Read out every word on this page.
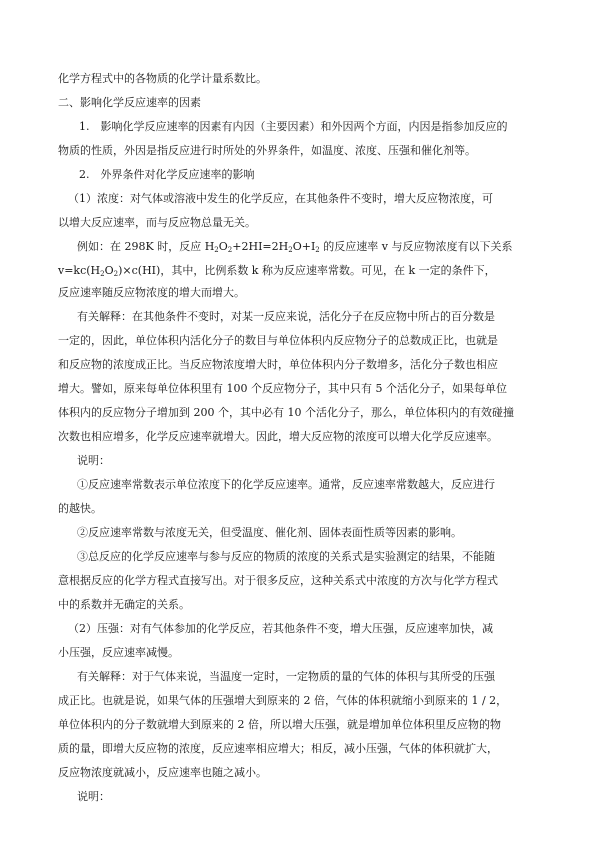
化学方程式中的各物质的化学计量系数比。
二、影响化学反应速率的因素
1.　影响化学反应速率的因素有内因（主要因素）和外因两个方面，内因是指参加反应的
物质的性质，外因是指反应进行时所处的外界条件，如温度、浓度、压强和催化剂等。
2.　外界条件对化学反应速率的影响
（1）浓度：对气体或溶液中发生的化学反应，在其他条件不变时，增大反应物浓度，可
以增大反应速率，而与反应物总量无关。
例如：在 298K 时，反应 $H_2O_2+2HI=2H_2O+I_2$ 的反应速率 v 与反应物浓度有以下关系
$v=kc(H_2O_2)\times c(HI)$，其中，比例系数 k 称为反应速率常数。可见，在 k 一定的条件下，
反应速率随反应物浓度的增大而增大。
有关解释：在其他条件不变时，对某一反应来说，活化分子在反应物中所占的百分数是
一定的，因此，单位体积内活化分子的数目与单位体积内反应物分子的总数成正比，也就是
和反应物的浓度成正比。当反应物浓度增大时，单位体积内分子数增多，活化分子数也相应
增大。譬如，原来每单位体积里有 100 个反应物分子，其中只有 5 个活化分子，如果每单位
体积内的反应物分子增加到 200 个，其中必有 10 个活化分子，那么，单位体积内的有效碰撞
次数也相应增多，化学反应速率就增大。因此，增大反应物的浓度可以增大化学反应速率。
说明：
①反应速率常数表示单位浓度下的化学反应速率。通常，反应速率常数越大，反应进行
的越快。
②反应速率常数与浓度无关，但受温度、催化剂、固体表面性质等因素的影响。
③总反应的化学反应速率与参与反应的物质的浓度的关系式是实验测定的结果，不能随
意根据反应的化学方程式直接写出。对于很多反应，这种关系式中浓度的方次与化学方程式
中的系数并无确定的关系。
（2）压强：对有气体参加的化学反应，若其他条件不变，增大压强，反应速率加快，减
小压强，反应速率减慢。
有关解释：对于气体来说，当温度一定时，一定物质的量的气体的体积与其所受的压强
成正比。也就是说，如果气体的压强增大到原来的 2 倍，气体的体积就缩小到原来的 1 / 2，
单位体积内的分子数就增大到原来的 2 倍，所以增大压强，就是增加单位体积里反应物的物
质的量，即增大反应物的浓度，反应速率相应增大；相反，减小压强，气体的体积就扩大，
反应物浓度就减小，反应速率也随之减小。
说明：
